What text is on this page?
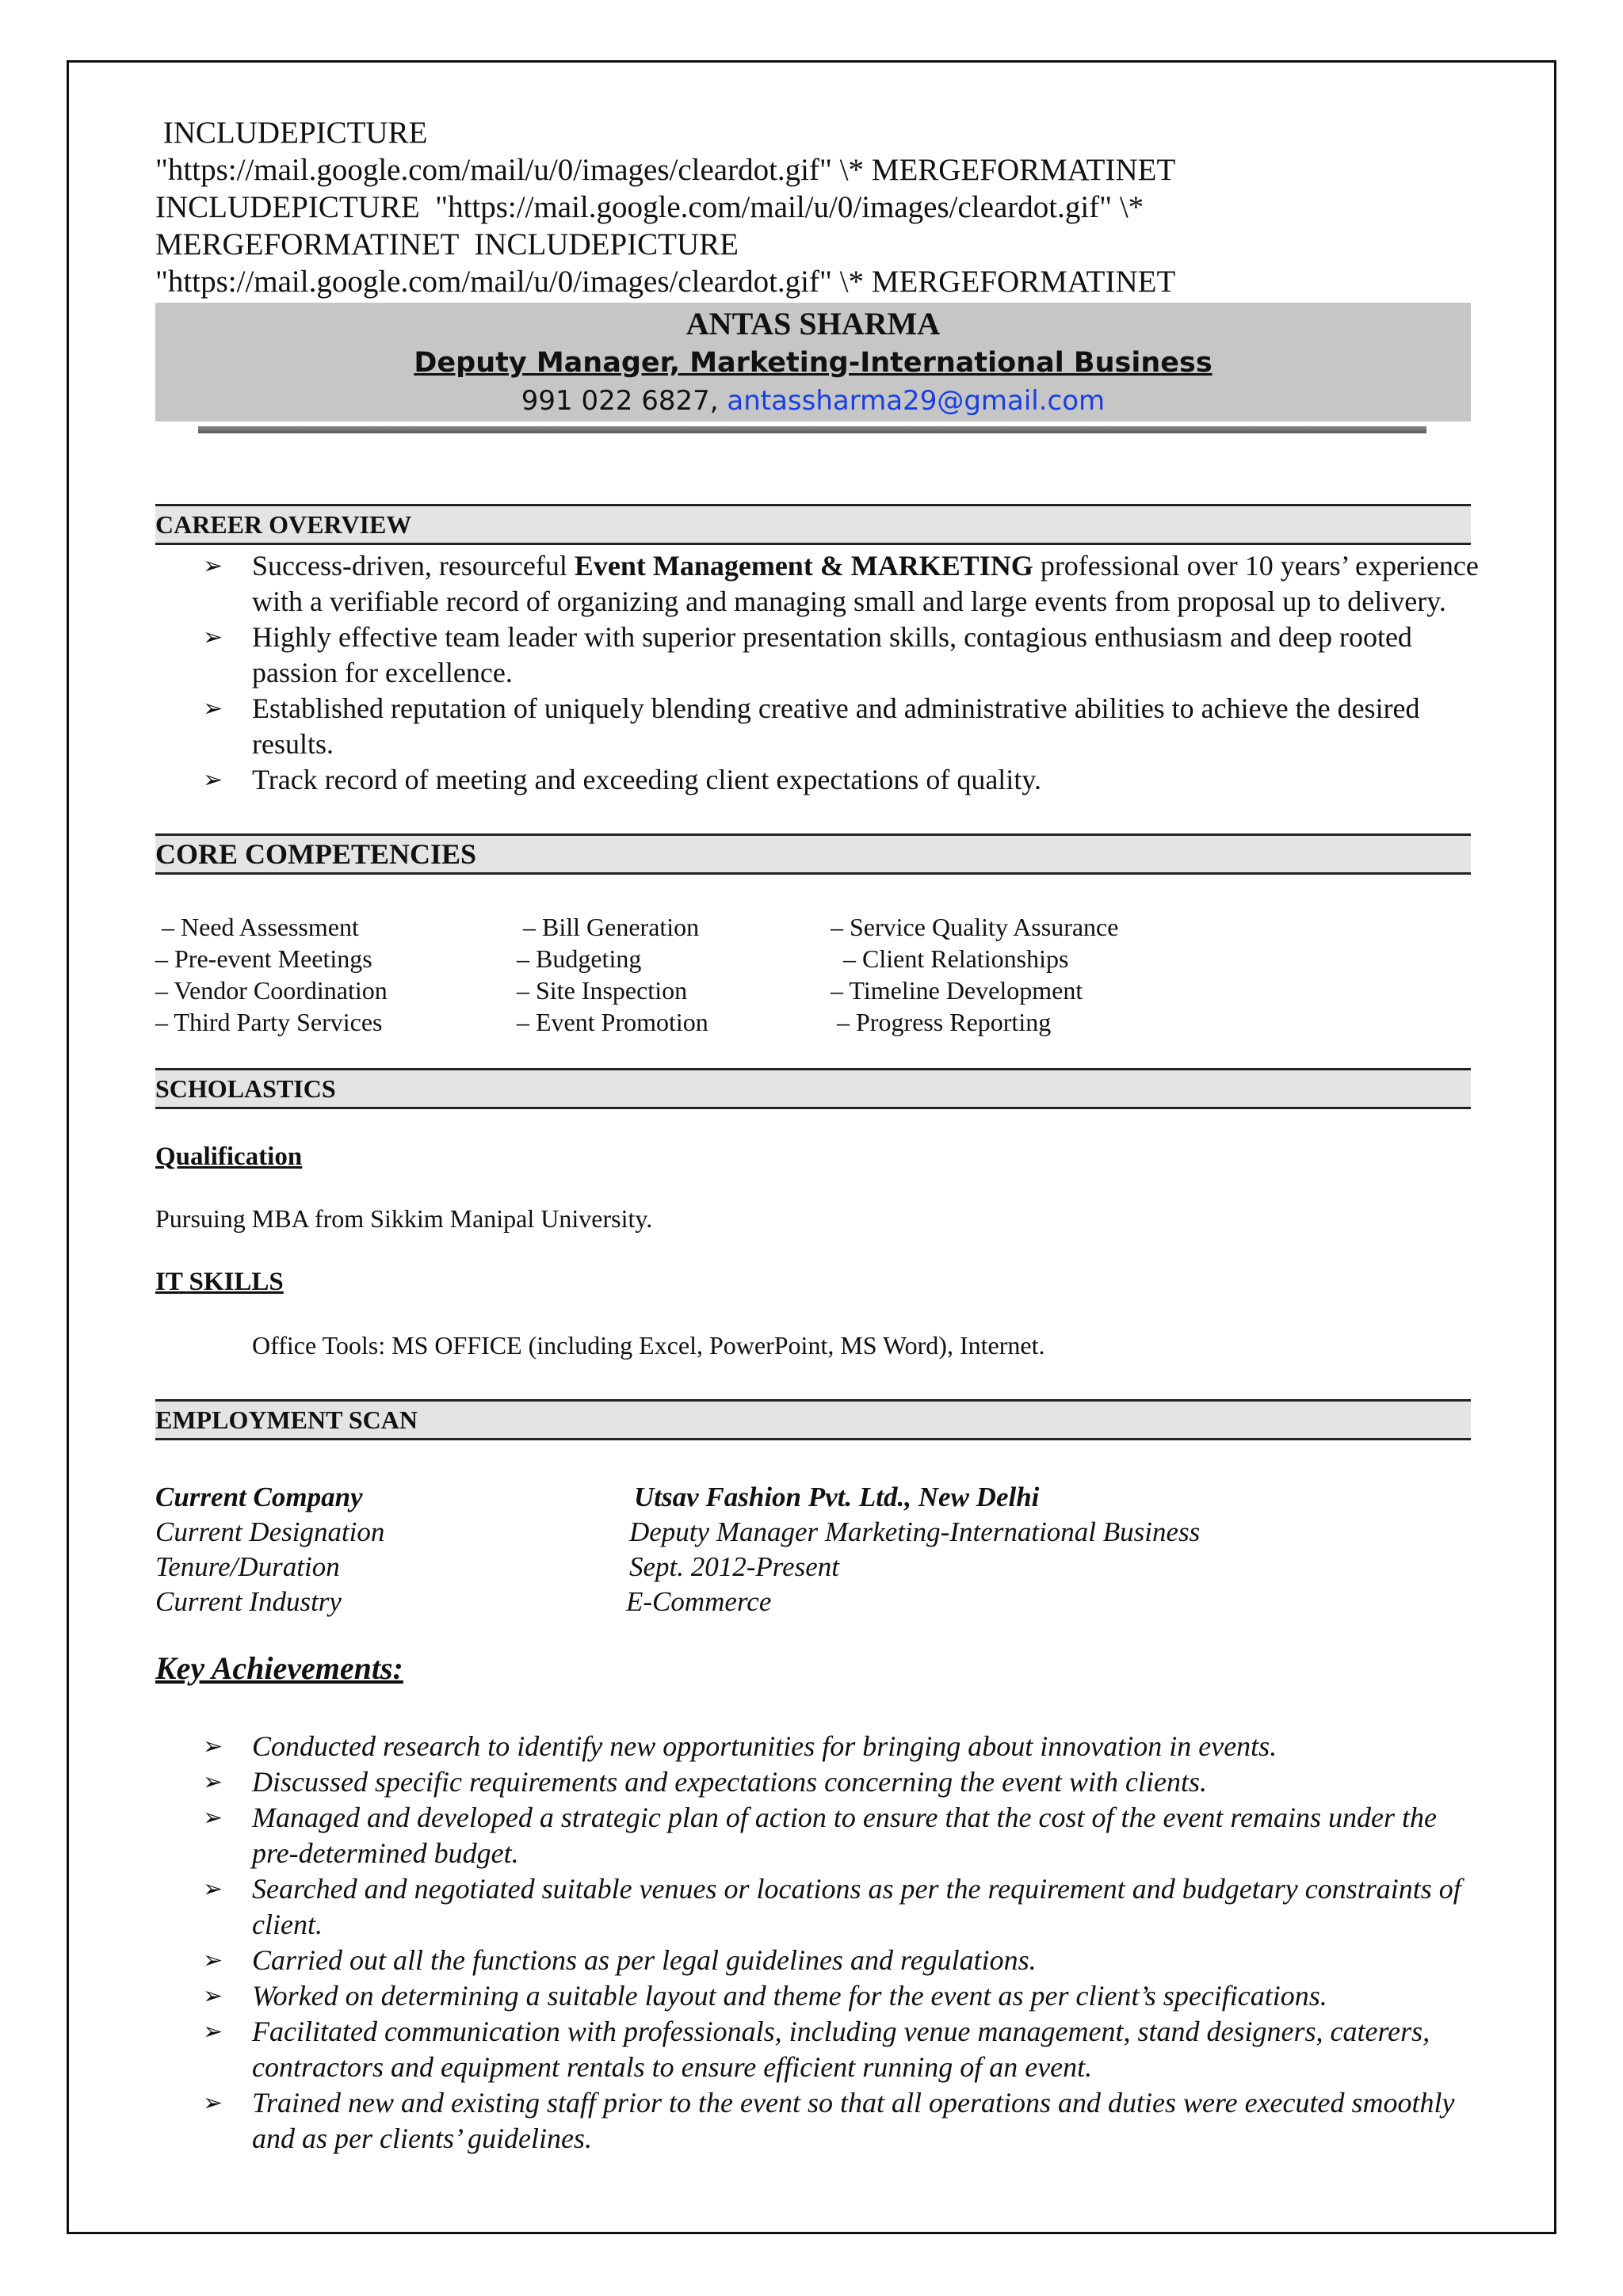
INCLUDEPICTURE
"https://mail.google.com/mail/u/0/images/cleardot.gif" \* MERGEFORMATINET
INCLUDEPICTURE  "https://mail.google.com/mail/u/0/images/cleardot.gif" \*
MERGEFORMATINET  INCLUDEPICTURE
"https://mail.google.com/mail/u/0/images/cleardot.gif" \* MERGEFORMATINET
ANTAS SHARMA
Deputy Manager, Marketing-International Business
991 022 6827, antassharma29@gmail.com
CAREER OVERVIEW
➢ Success-driven, resourceful Event Management & MARKETING professional over 10 years’ experience with a verifiable record of organizing and managing small and large events from proposal up to delivery.
➢ Highly effective team leader with superior presentation skills, contagious enthusiasm and deep rooted passion for excellence.
➢ Established reputation of uniquely blending creative and administrative abilities to achieve the desired results.
➢ Track record of meeting and exceeding client expectations of quality.
CORE COMPETENCIES
– Need Assessment
– Pre-event Meetings
– Vendor Coordination
– Third Party Services
– Bill Generation
– Budgeting
– Site Inspection
– Event Promotion
– Service Quality Assurance
– Client Relationships
– Timeline Development
– Progress Reporting
SCHOLASTICS
Qualification
Pursuing MBA from Sikkim Manipal University.
IT SKILLS
Office Tools: MS OFFICE (including Excel, PowerPoint, MS Word), Internet.
EMPLOYMENT SCAN
Current Company
Current Designation
Tenure/Duration
Current Industry
Utsav Fashion Pvt. Ltd., New Delhi
Deputy Manager Marketing-International Business
Sept. 2012-Present
E-Commerce
Key Achievements:
➢ Conducted research to identify new opportunities for bringing about innovation in events.
➢ Discussed specific requirements and expectations concerning the event with clients.
➢ Managed and developed a strategic plan of action to ensure that the cost of the event remains under the pre-determined budget.
➢ Searched and negotiated suitable venues or locations as per the requirement and budgetary constraints of client.
➢ Carried out all the functions as per legal guidelines and regulations.
➢ Worked on determining a suitable layout and theme for the event as per client’s specifications.
➢ Facilitated communication with professionals, including venue management, stand designers, caterers, contractors and equipment rentals to ensure efficient running of an event.
➢ Trained new and existing staff prior to the event so that all operations and duties were executed smoothly and as per clients’ guidelines.
